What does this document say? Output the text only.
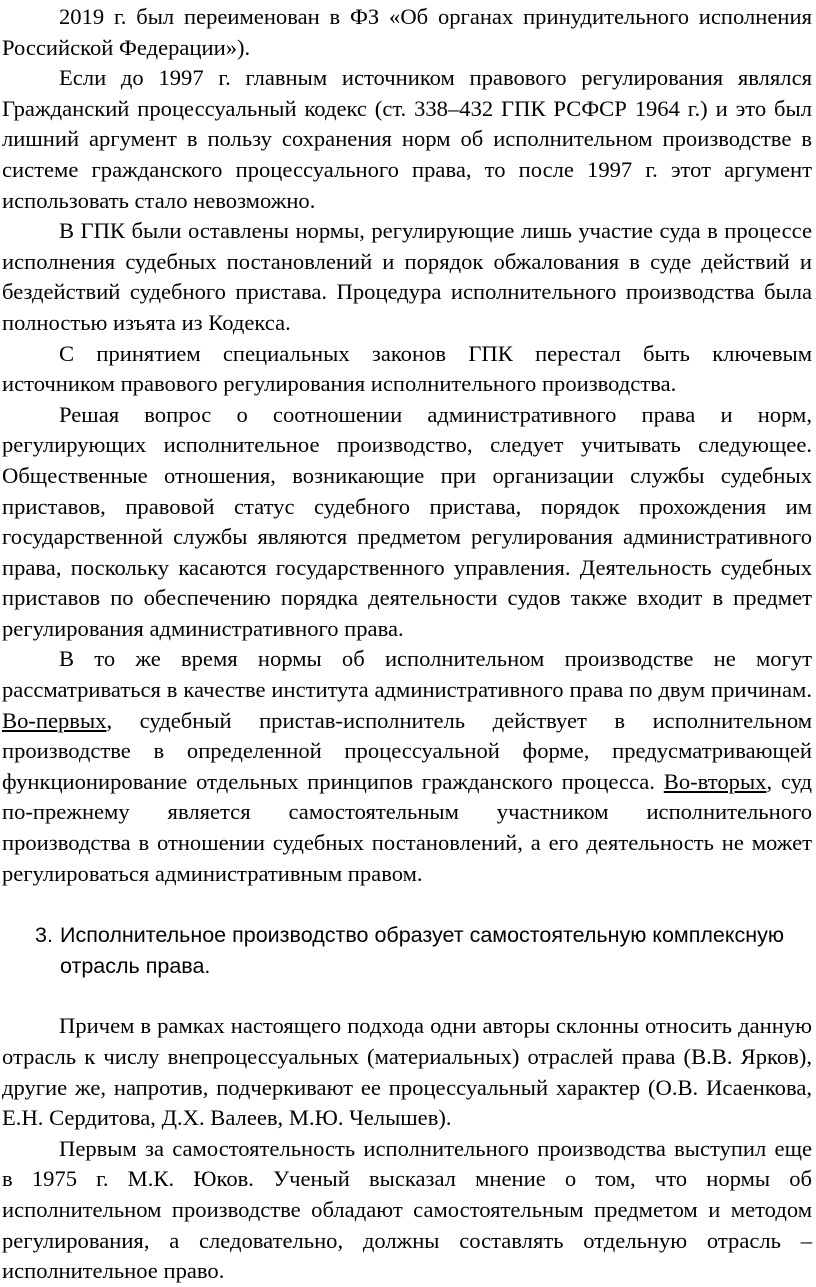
2019 г. был переименован в ФЗ «Об органах принудительного исполнения Российской Федерации»).

Если до 1997 г. главным источником правового регулирования являлся Гражданский процессуальный кодекс (ст. 338–432 ГПК РСФСР 1964 г.) и это был лишний аргумент в пользу сохранения норм об исполнительном производстве в системе гражданского процессуального права, то после 1997 г. этот аргумент использовать стало невозможно.

В ГПК были оставлены нормы, регулирующие лишь участие суда в процессе исполнения судебных постановлений и порядок обжалования в суде действий и бездействий судебного пристава. Процедура исполнительного производства была полностью изъята из Кодекса.

С принятием специальных законов ГПК перестал быть ключевым источником правового регулирования исполнительного производства.

Решая вопрос о соотношении административного права и норм, регулирующих исполнительное производство, следует учитывать следующее. Общественные отношения, возникающие при организации службы судебных приставов, правовой статус судебного пристава, порядок прохождения им государственной службы являются предметом регулирования административного права, поскольку касаются государственного управления. Деятельность судебных приставов по обеспечению порядка деятельности судов также входит в предмет регулирования административного права.

В то же время нормы об исполнительном производстве не могут рассматриваться в качестве института административного права по двум причинам. Во-первых, судебный пристав-исполнитель действует в исполнительном производстве в определенной процессуальной форме, предусматривающей функционирование отдельных принципов гражданского процесса. Во-вторых, суд по-прежнему является самостоятельным участником исполнительного производства в отношении судебных постановлений, а его деятельность не может регулироваться административным правом.

3. Исполнительное производство образует самостоятельную комплексную отрасль права.

Причем в рамках настоящего подхода одни авторы склонны относить данную отрасль к числу внепроцессуальных (материальных) отраслей права (В.В. Ярков), другие же, напротив, подчеркивают ее процессуальный характер (О.В. Исаенкова, Е.Н. Сердитова, Д.Х. Валеев, М.Ю. Челышев).

Первым за самостоятельность исполнительного производства выступил еще в 1975 г. М.К. Юков. Ученый высказал мнение о том, что нормы об исполнительном производстве обладают самостоятельным предметом и методом регулирования, а следовательно, должны составлять отдельную отрасль – исполнительное право.
